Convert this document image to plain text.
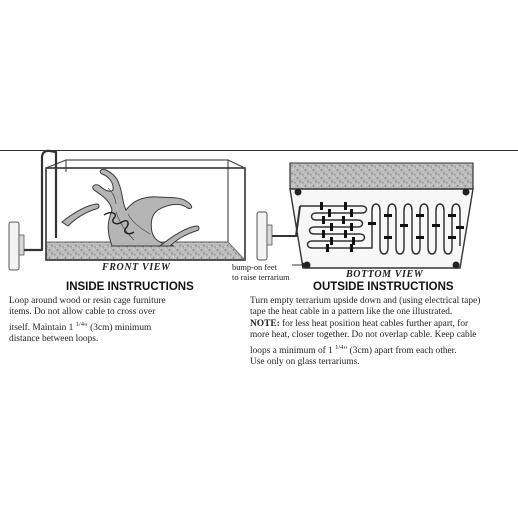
FRONT VIEW
BOTTOM VIEW
bump-on feet
to raise terrarium
INSIDE INSTRUCTIONS
Loop around wood or resin cage furniture
items. Do not allow cable to cross over
itself. Maintain 1 $^{1/4}$" (3cm) minimum
distance between loops.
OUTSIDE INSTRUCTIONS
Turn empty terrarium upside down and (using electrical tape)
tape the heat cable in a pattern like the one illustrated.
NOTE: for less heat position heat cables further apart, for
more heat, closer together. Do not overlap cable. Keep cable
loops a minimum of 1 $^{1/4}$" (3cm) apart from each other.
Use only on glass terrariums.
